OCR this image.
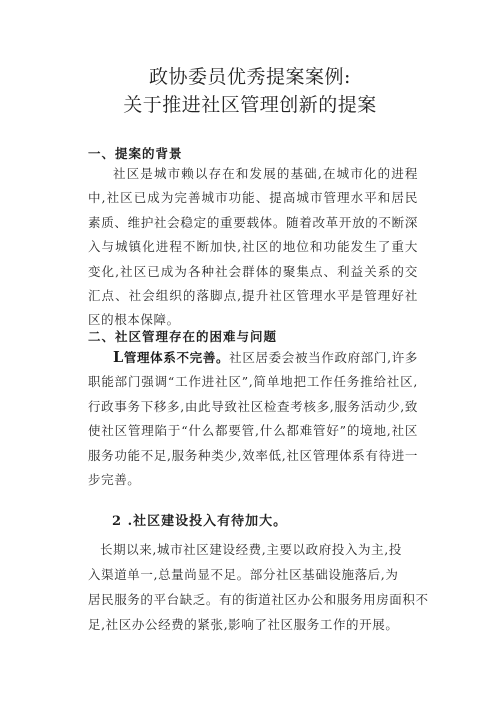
政协委员优秀提案案例:
关于推进社区管理创新的提案
一、提案的背景

社区是城市赖以存在和发展的基础,在城市化的进程中,社区已成为完善城市功能、提高城市管理水平和居民素质、维护社会稳定的重要载体。随着改革开放的不断深入与城镇化进程不断加快,社区的地位和功能发生了重大变化,社区已成为各种社会群体的聚集点、利益关系的交汇点、社会组织的落脚点,提升社区管理水平是管理好社区的根本保障。

二、社区管理存在的困难与问题

L管理体系不完善。社区居委会被当作政府部门,许多职能部门强调“工作进社区”,简单地把工作任务推给社区,行政事务下移多,由此导致社区检查考核多,服务活动少,致使社区管理陷于“什么都要管,什么都难管好”的境地,社区服务功能不足,服务种类少,效率低,社区管理体系有待进一步完善。

2 .社区建设投入有待加大。

长期以来,城市社区建设经费,主要以政府投入为主,投

入渠道单一,总量尚显不足。部分社区基础设施落后,为

居民服务的平台缺乏。有的街道社区办公和服务用房面积不

足,社区办公经费的紧张,影响了社区服务工作的开展。
